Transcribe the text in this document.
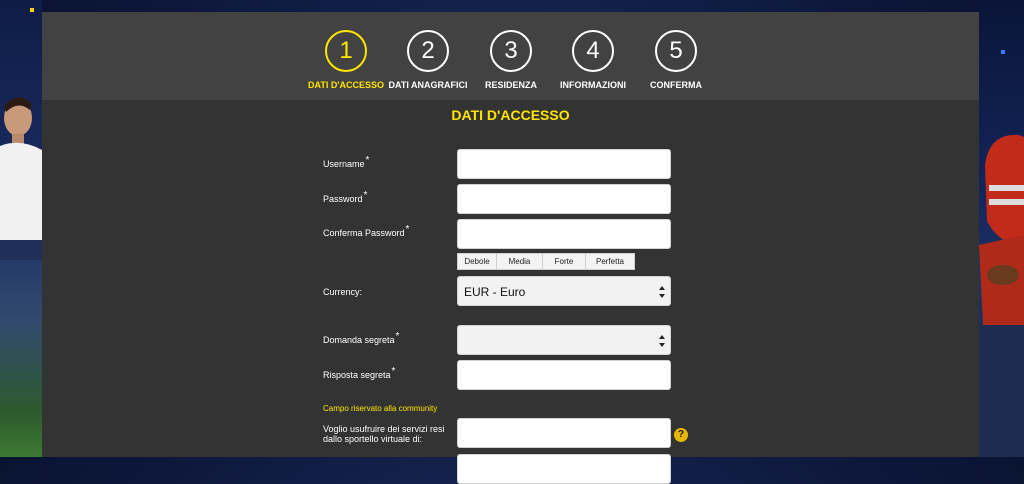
1
DATI D'ACCESSO
2
DATI ANAGRAFICI
3
RESIDENZA
4
INFORMAZIONI
5
CONFERMA
DATI D'ACCESSO
Username*
Password*
Conferma Password*
Debole	Media	Forte	Perfetta
Currency:	EUR - Euro
Domanda segreta*
Risposta segreta*
Campo riservato alla community
Voglio usufruire dei servizi resi
dallo sportello virtuale di:	?
